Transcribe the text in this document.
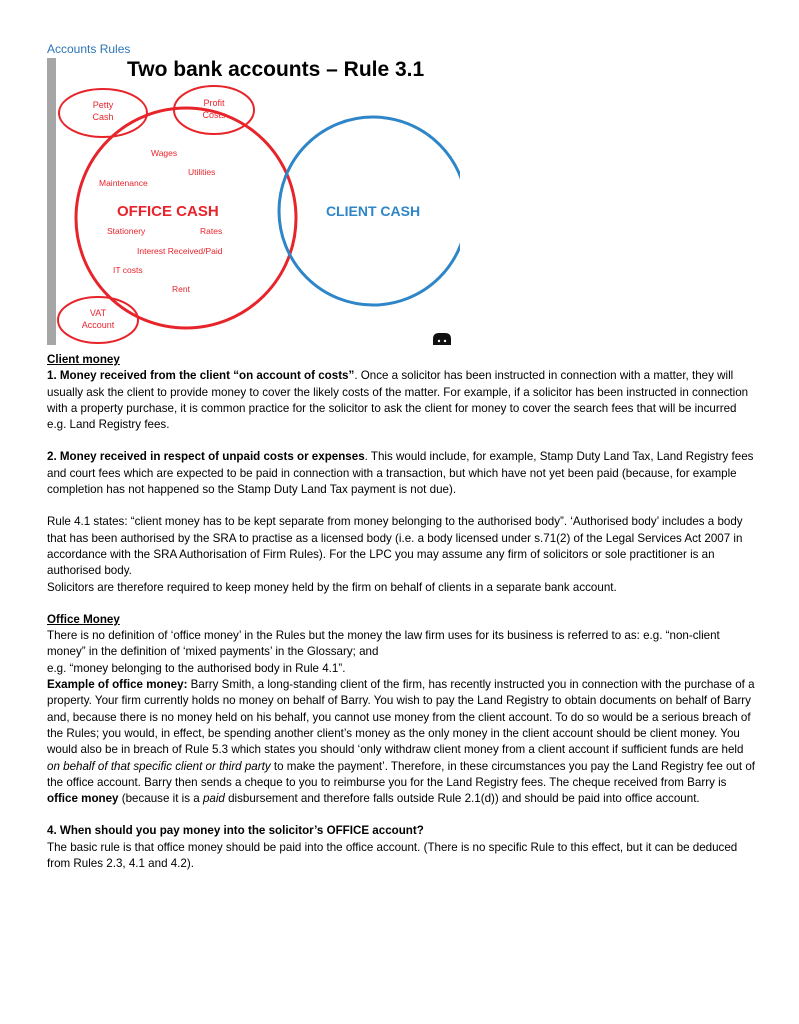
Accounts Rules
Petty
Cash
Profit
Costs
VAT
Account
Wages
Utilities
Maintenance
OFFICE CASH
Stationery	Rates
Interest Received/Paid
IT costs
Rent
CLIENT CASH
Two bank accounts – Rule 3.1

Client money

1. Money received from the client “on account of costs”. Once a solicitor has been instructed in connection with a matter, they will usually ask the client to provide money to cover the likely costs of the matter. For example, if a solicitor has been instructed in connection with a property purchase, it is common practice for the solicitor to ask the client for money to cover the search fees that will be incurred e.g. Land Registry fees.

2. Money received in respect of unpaid costs or expenses. This would include, for example, Stamp Duty Land Tax, Land Registry fees and court fees which are expected to be paid in connection with a transaction, but which have not yet been paid (because, for example completion has not happened so the Stamp Duty Land Tax payment is not due).

Rule 4.1 states: “client money has to be kept separate from money belonging to the authorised body”. ‘Authorised body’ includes a body that has been authorised by the SRA to practise as a licensed body (i.e. a body licensed under s.71(2) of the Legal Services Act 2007 in accordance with the SRA Authorisation of Firm Rules). For the LPC you may assume any firm of solicitors or sole practitioner is an authorised body.

Solicitors are therefore required to keep money held by the firm on behalf of clients in a separate bank account.

Office Money

There is no definition of ‘office money’ in the Rules but the money the law firm uses for its business is referred to as: e.g. “non-client money” in the definition of ‘mixed payments’ in the Glossary; and

e.g. “money belonging to the authorised body in Rule 4.1”.

Example of office money: Barry Smith, a long-standing client of the firm, has recently instructed you in connection with the purchase of a property. Your firm currently holds no money on behalf of Barry. You wish to pay the Land Registry to obtain documents on behalf of Barry and, because there is no money held on his behalf, you cannot use money from the client account. To do so would be a serious breach of the Rules; you would, in effect, be spending another client’s money as the only money in the client account should be client money. You would also be in breach of Rule 5.3 which states you should ‘only withdraw client money from a client account if sufficient funds are held on behalf of that specific client or third party to make the payment’. Therefore, in these circumstances you pay the Land Registry fee out of the office account. Barry then sends a cheque to you to reimburse you for the Land Registry fees. The cheque received from Barry is office money (because it is a paid disbursement and therefore falls outside Rule 2.1(d)) and should be paid into office account.

4. When should you pay money into the solicitor’s OFFICE account?

The basic rule is that office money should be paid into the office account. (There is no specific Rule to this effect, but it can be deduced from Rules 2.3, 4.1 and 4.2).
